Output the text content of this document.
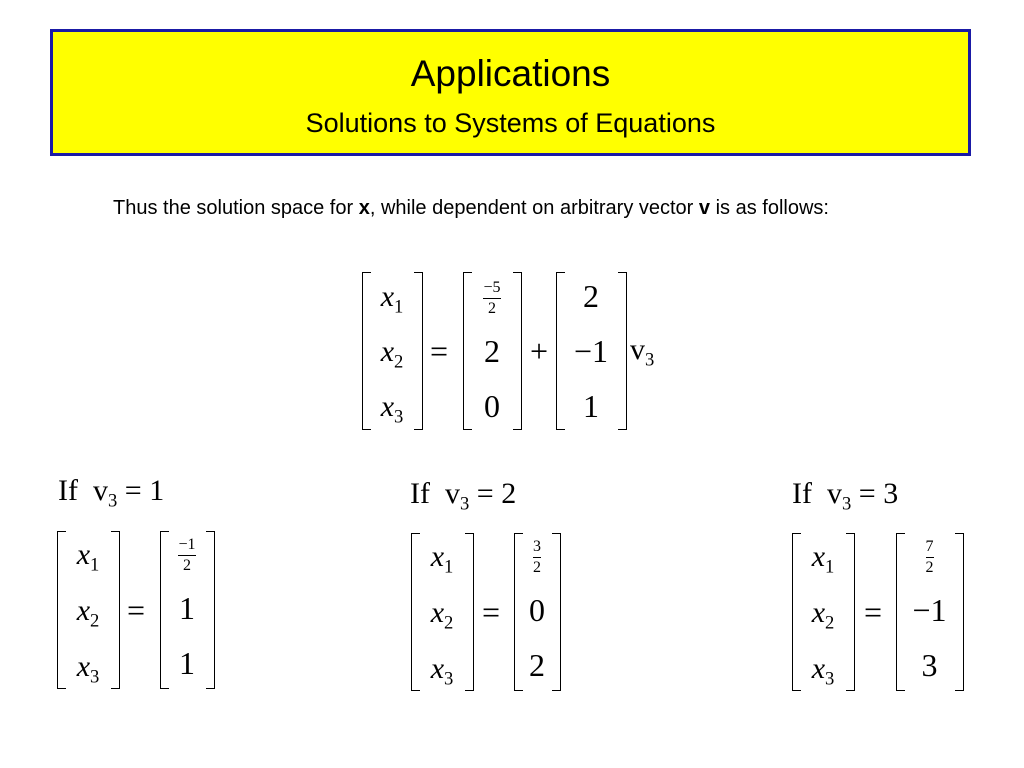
Applications
Solutions to Systems of Equations
Thus the solution space for x, while dependent on arbitrary vector v is as follows:
$x_1$
$x_2$
$x_3$
=
$\frac{-5}{2}$
2
0
+
2
−1
1
$v_3$
If $v_3 = 1$
$x_1$
$x_2$
$x_3$
=
$\frac{-1}{2}$
1
1
If $v_3 = 2$
$x_1$
$x_2$
$x_3$
=
$\frac{3}{2}$
0
2
If $v_3 = 3$
$x_1$
$x_2$
$x_3$
=
$\frac{7}{2}$
−1
3
